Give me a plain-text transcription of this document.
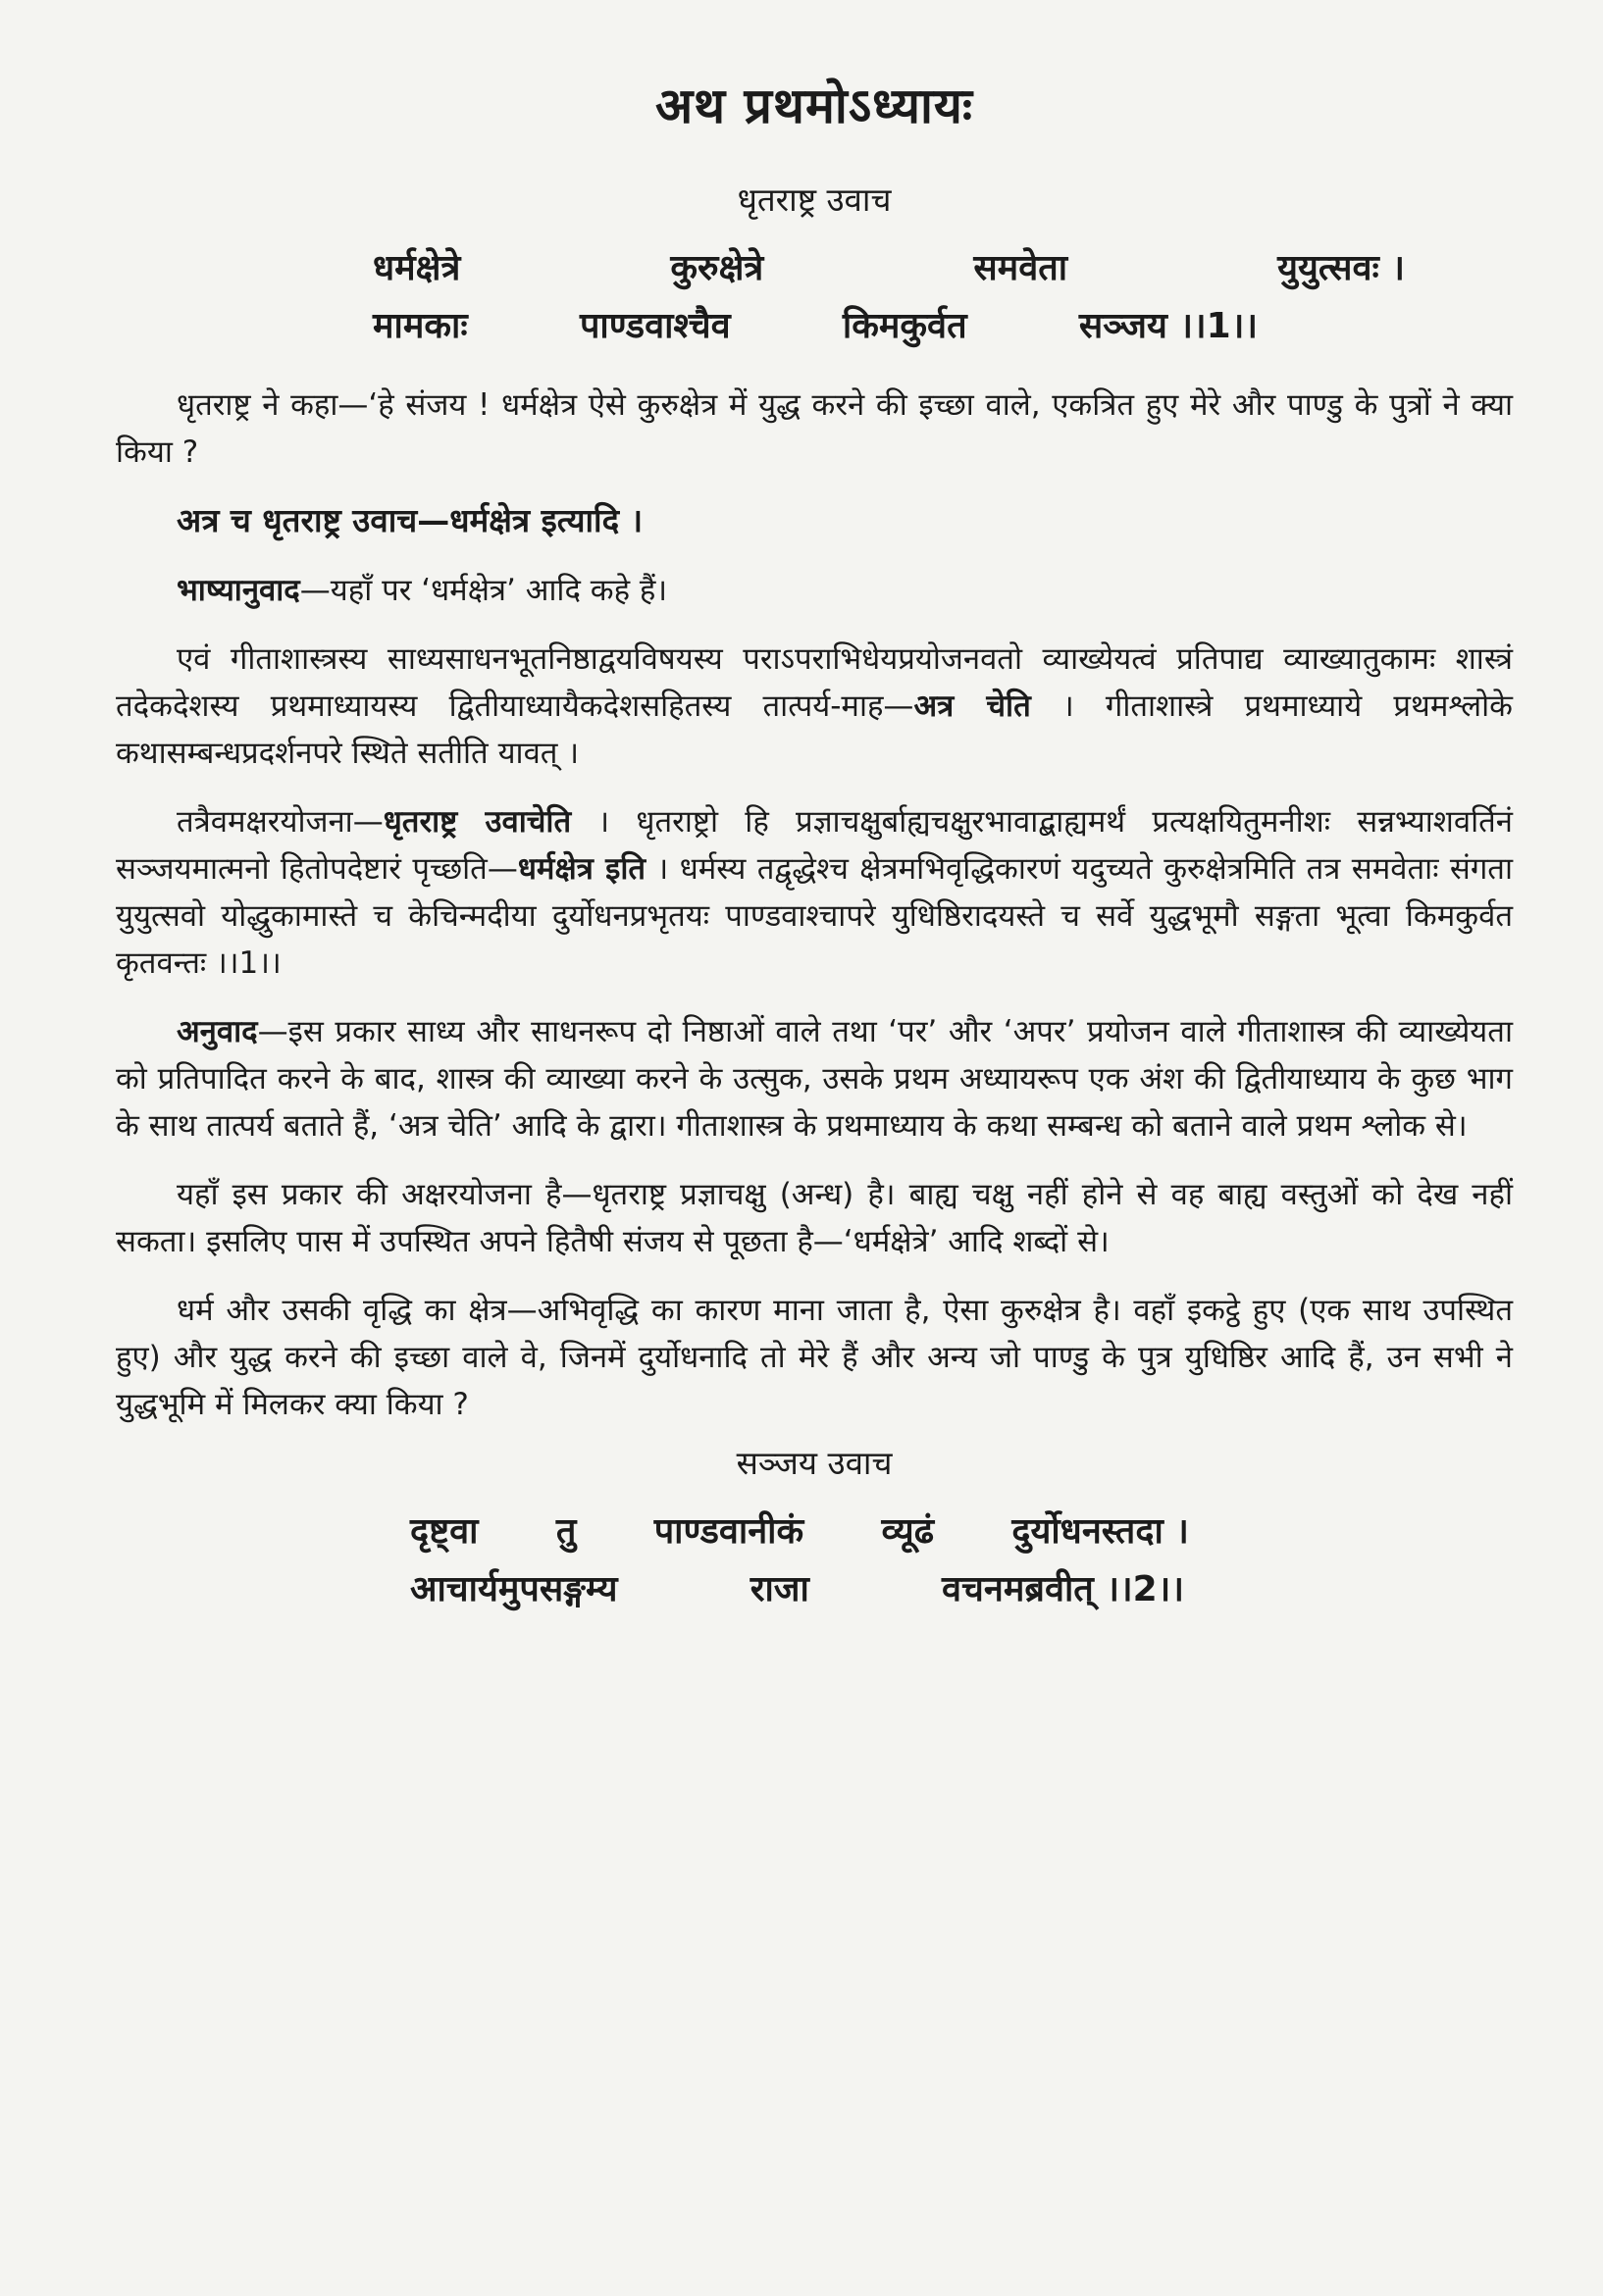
अथ प्रथमोऽध्यायः
धृतराष्ट्र उवाच
धर्मक्षेत्रे	कुरुक्षेत्रे	समवेता	युयुत्सवः ।
मामकाः	पाण्डवाश्चैव	किमकुर्वत	सञ्जय ।।1।।

धृतराष्ट्र ने कहा—‘हे संजय ! धर्मक्षेत्र ऐसे कुरुक्षेत्र में युद्ध करने की इच्छा वाले, एकत्रित हुए मेरे और पाण्डु के पुत्रों ने क्या किया ?

अत्र च धृतराष्ट्र उवाच—धर्मक्षेत्र इत्यादि ।

भाष्यानुवाद—यहाँ पर ‘धर्मक्षेत्र’ आदि कहे हैं।

एवं गीताशास्त्रस्य साध्यसाधनभूतनिष्ठाद्वयविषयस्य पराऽपराभिधेयप्रयोजनवतो व्याख्येयत्वं प्रतिपाद्य व्याख्यातुकामः शास्त्रं तदेकदेशस्य प्रथमाध्यायस्य द्वितीयाध्यायैकदेशसहितस्य तात्पर्य-माह—अत्र चेति । गीताशास्त्रे प्रथमाध्याये प्रथमश्लोके कथासम्बन्धप्रदर्शनपरे स्थिते सतीति यावत् ।

तत्रैवमक्षरयोजना—धृतराष्ट्र उवाचेति । धृतराष्ट्रो हि प्रज्ञाचक्षुर्बाह्यचक्षुरभावाद्बाह्यमर्थं प्रत्यक्षयितुमनीशः सन्नभ्याशवर्तिनं सञ्जयमात्मनो हितोपदेष्टारं पृच्छति—धर्मक्षेत्र इति । धर्मस्य तद्वृद्धेश्च क्षेत्रमभिवृद्धिकारणं यदुच्यते कुरुक्षेत्रमिति तत्र समवेताः संगता युयुत्सवो योद्धुकामास्ते च केचिन्मदीया दुर्योधनप्रभृतयः पाण्डवाश्चापरे युधिष्ठिरादयस्ते च सर्वे युद्धभूमौ सङ्गता भूत्वा किमकुर्वत कृतवन्तः ।।1।।

अनुवाद—इस प्रकार साध्य और साधनरूप दो निष्ठाओं वाले तथा ‘पर’ और ‘अपर’ प्रयोजन वाले गीताशास्त्र की व्याख्येयता को प्रतिपादित करने के बाद, शास्त्र की व्याख्या करने के उत्सुक, उसके प्रथम अध्यायरूप एक अंश की द्वितीयाध्याय के कुछ भाग के साथ तात्पर्य बताते हैं, ‘अत्र चेति’ आदि के द्वारा। गीताशास्त्र के प्रथमाध्याय के कथा सम्बन्ध को बताने वाले प्रथम श्लोक से।

यहाँ इस प्रकार की अक्षरयोजना है—धृतराष्ट्र प्रज्ञाचक्षु (अन्ध) है। बाह्य चक्षु नहीं होने से वह बाह्य वस्तुओं को देख नहीं सकता। इसलिए पास में उपस्थित अपने हितैषी संजय से पूछता है—‘धर्मक्षेत्रे’ आदि शब्दों से।

धर्म और उसकी वृद्धि का क्षेत्र—अभिवृद्धि का कारण माना जाता है, ऐसा कुरुक्षेत्र है। वहाँ इकट्ठे हुए (एक साथ उपस्थित हुए) और युद्ध करने की इच्छा वाले वे, जिनमें दुर्योधनादि तो मेरे हैं और अन्य जो पाण्डु के पुत्र युधिष्ठिर आदि हैं, उन सभी ने युद्धभूमि में मिलकर क्या किया ?

सञ्जय उवाच
दृष्ट्वा तु पाण्डवानीकं व्यूढं दुर्योधनस्तदा ।
आचार्यमुपसङ्गम्य	राजा	वचनमब्रवीत् ।।2।।
